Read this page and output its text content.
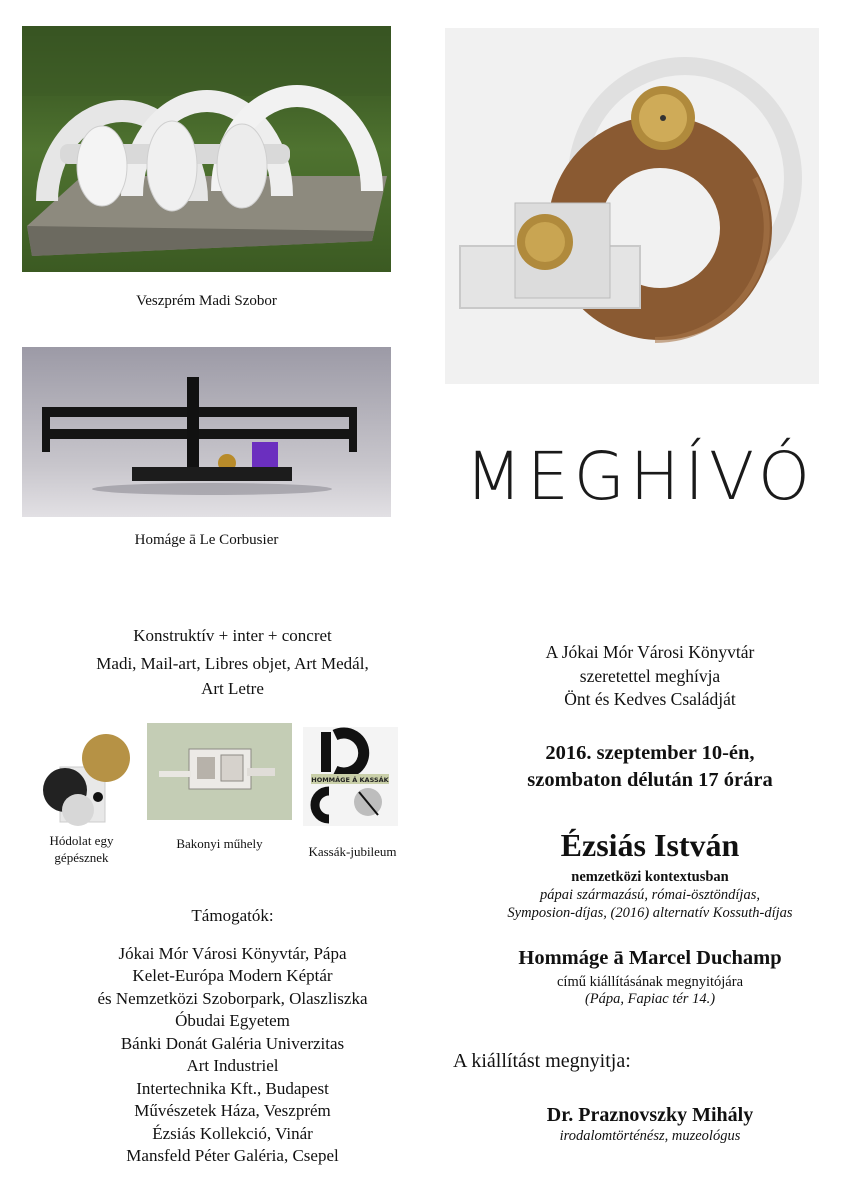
Veszprém Madi Szobor
Homáge ā Le Corbusier
MEGHÍVÓ
Konstruktív + inter + concret
Madi, Mail-art, Libres objet, Art Medál,
Art Letre
Hódolat egy
gépésznek
Bakonyi műhely
HOMMÁGE Á KASSÁK
Kassák-jubileum
Támogatók:
Jókai Mór Városi Könyvtár, Pápa
Kelet-Európa Modern Képtár
és Nemzetközi Szoborpark, Olaszliszka
Óbudai Egyetem
Bánki Donát Galéria Univerzitas
Art Industriel
Intertechnika Kft., Budapest
Művészetek Háza, Veszprém
Ézsiás Kollekció, Vinár
Mansfeld Péter Galéria, Csepel
A Jókai Mór Városi Könyvtár
szeretettel meghívja
Önt és Kedves Családját
2016. szeptember 10-én,
szombaton délután 17 órára
Ézsiás István
nemzetközi kontextusban
pápai származású, római-ösztöndíjas,
Symposion-díjas, (2016) alternatív Kossuth-díjas
Hommáge ā Marcel Duchamp
című kiállításának megnyitójára
(Pápa, Fapiac tér 14.)
A kiállítást megnyitja:
Dr. Praznovszky Mihály
irodalomtörténész, muzeológus
